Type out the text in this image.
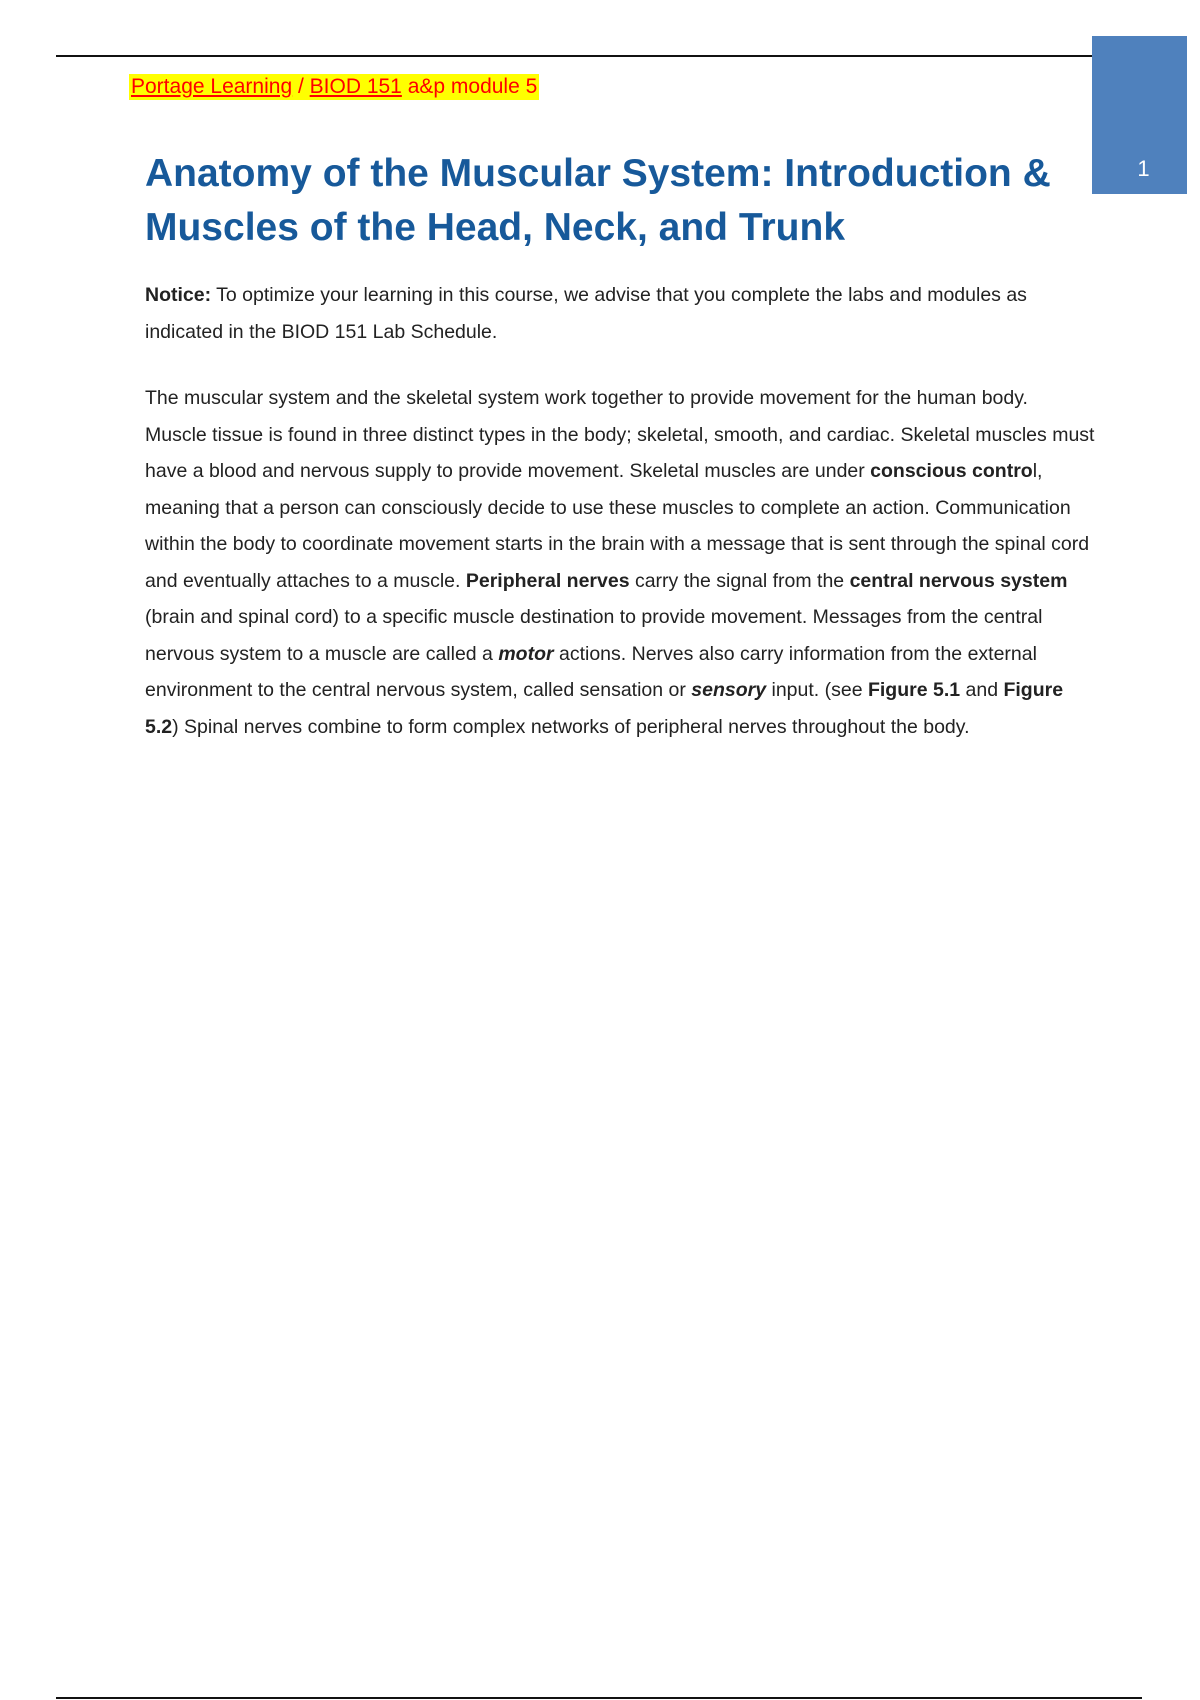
1
Portage Learning / BIOD 151 a&p module 5
Anatomy of the Muscular System: Introduction &
Muscles of the Head, Neck, and Trunk

Notice: To optimize your learning in this course, we advise that you complete the labs and modules as indicated in the BIOD 151 Lab Schedule.

The muscular system and the skeletal system work together to provide movement for the human body. Muscle tissue is found in three distinct types in the body; skeletal, smooth, and cardiac. Skeletal muscles must have a blood and nervous supply to provide movement. Skeletal muscles are under conscious control, meaning that a person can consciously decide to use these muscles to complete an action. Communication within the body to coordinate movement starts in the brain with a message that is sent through the spinal cord and eventually attaches to a muscle. Peripheral nerves carry the signal from the central nervous system (brain and spinal cord) to a specific muscle destination to provide movement. Messages from the central nervous system to a muscle are called a motor actions. Nerves also carry information from the external environment to the central nervous system, called sensation or sensory input. (see Figure 5.1 and Figure 5.2) Spinal nerves combine to form complex networks of peripheral nerves throughout the body.
